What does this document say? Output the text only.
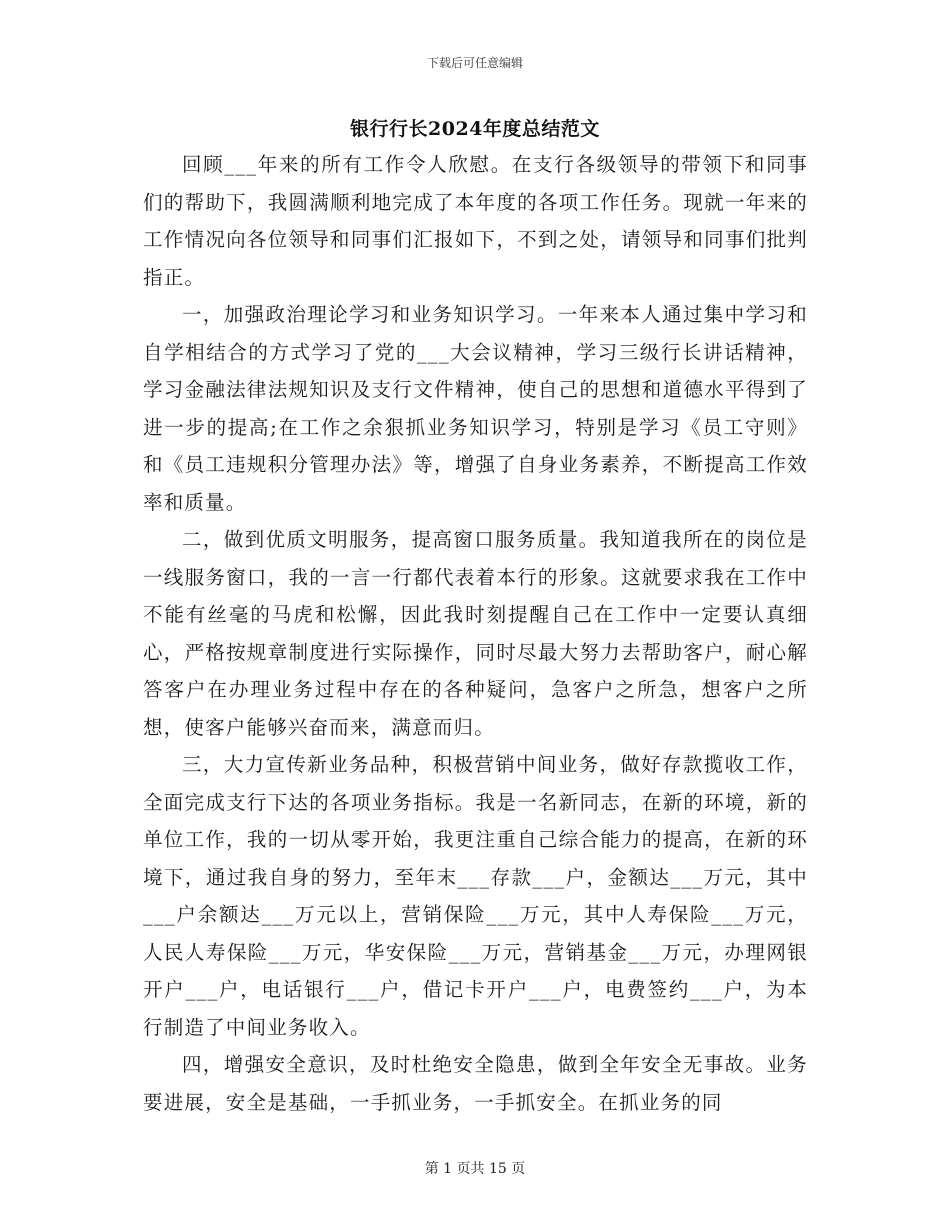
下载后可任意编辑
银行行长2024年度总结范文

回顾___年来的所有工作令人欣慰。在支行各级领导的带领下和同事们的帮助下，我圆满顺利地完成了本年度的各项工作任务。现就一年来的工作情况向各位领导和同事们汇报如下，不到之处，请领导和同事们批判指正。

一，加强政治理论学习和业务知识学习。一年来本人通过集中学习和自学相结合的方式学习了党的___大会议精神，学习三级行长讲话精神，学习金融法律法规知识及支行文件精神，使自己的思想和道德水平得到了进一步的提高;在工作之余狠抓业务知识学习，特别是学习《员工守则》和《员工违规积分管理办法》等，增强了自身业务素养，不断提高工作效率和质量。

二，做到优质文明服务，提高窗口服务质量。我知道我所在的岗位是一线服务窗口，我的一言一行都代表着本行的形象。这就要求我在工作中不能有丝毫的马虎和松懈，因此我时刻提醒自己在工作中一定要认真细心，严格按规章制度进行实际操作，同时尽最大努力去帮助客户，耐心解答客户在办理业务过程中存在的各种疑问，急客户之所急，想客户之所想，使客户能够兴奋而来，满意而归。

三，大力宣传新业务品种，积极营销中间业务，做好存款揽收工作，全面完成支行下达的各项业务指标。我是一名新同志，在新的环境，新的单位工作，我的一切从零开始，我更注重自己综合能力的提高，在新的环境下，通过我自身的努力，至年末___存款___户，金额达___万元，其中___户余额达___万元以上，营销保险___万元，其中人寿保险___万元，人民人寿保险___万元，华安保险___万元，营销基金___万元，办理网银开户___户，电话银行___户，借记卡开户___户，电费签约___户，为本行制造了中间业务收入。

四，增强安全意识，及时杜绝安全隐患，做到全年安全无事故。业务要进展，安全是基础，一手抓业务，一手抓安全。在抓业务的同

第 1 页共 15 页
